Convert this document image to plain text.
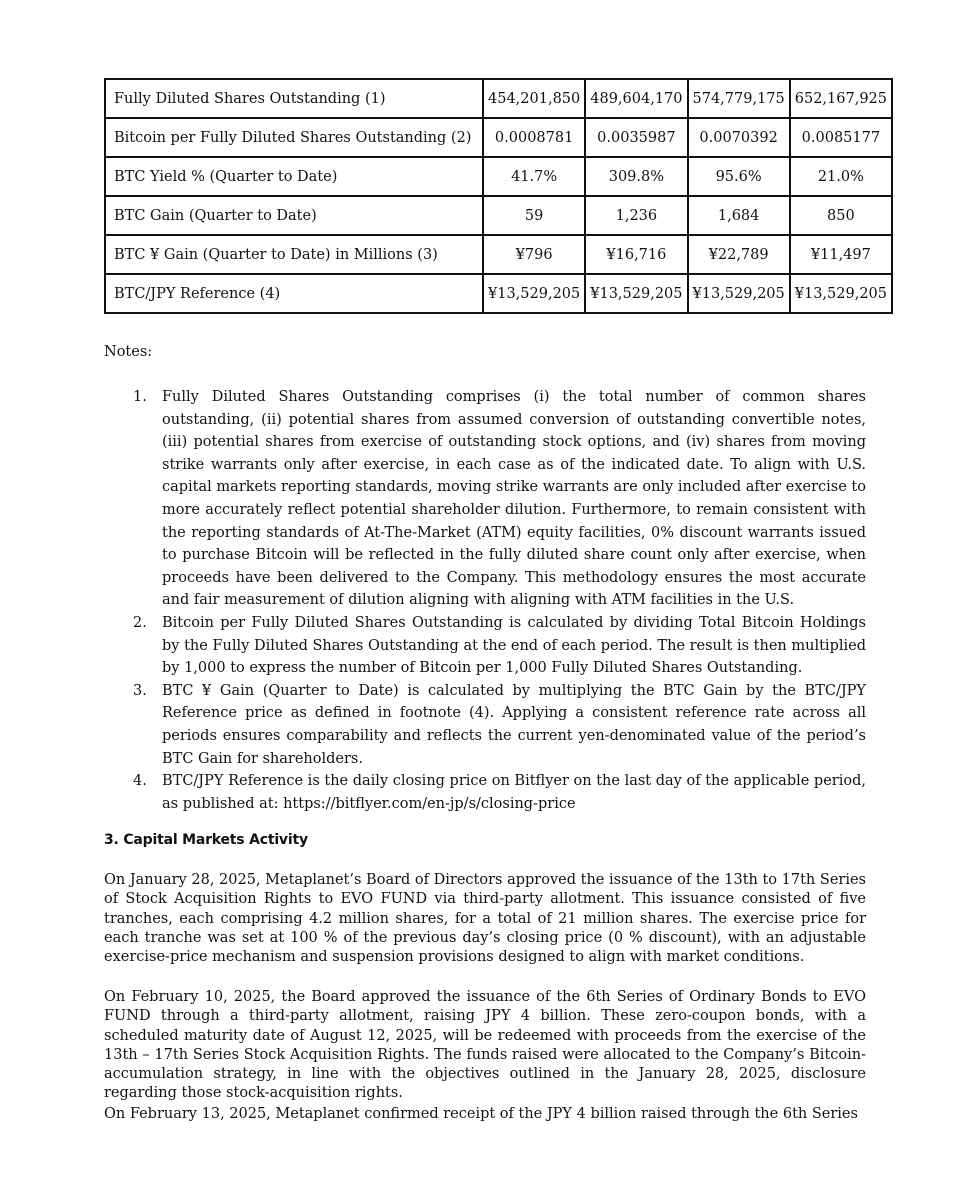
Fully Diluted Shares Outstanding (1)	454,201,850	489,604,170	574,779,175	652,167,925
Bitcoin per Fully Diluted Shares Outstanding (2)	0.0008781	0.0035987	0.0070392	0.0085177
BTC Yield % (Quarter to Date)	41.7%	309.8%	95.6%	21.0%
BTC Gain (Quarter to Date)	59	1,236	1,684	850
BTC ¥ Gain (Quarter to Date) in Millions (3)	¥796	¥16,716	¥22,789	¥11,497
BTC/JPY Reference (4)	¥13,529,205	¥13,529,205	¥13,529,205	¥13,529,205
Notes:
1. Fully Diluted Shares Outstanding comprises (i) the total number of common shares outstanding, (ii) potential shares from assumed conversion of outstanding convertible notes, (iii) potential shares from exercise of outstanding stock options, and (iv) shares from moving strike warrants only after exercise, in each case as of the indicated date. To align with U.S. capital markets reporting standards, moving strike warrants are only included after exercise to more accurately reflect potential shareholder dilution. Furthermore, to remain consistent with the reporting standards of At-The-Market (ATM) equity facilities, 0% discount warrants issued to purchase Bitcoin will be reflected in the fully diluted share count only after exercise, when proceeds have been delivered to the Company. This methodology ensures the most accurate and fair measurement of dilution aligning with aligning with ATM facilities in the U.S.
2. Bitcoin per Fully Diluted Shares Outstanding is calculated by dividing Total Bitcoin Holdings by the Fully Diluted Shares Outstanding at the end of each period. The result is then multiplied by 1,000 to express the number of Bitcoin per 1,000 Fully Diluted Shares Outstanding.
3. BTC ¥ Gain (Quarter to Date) is calculated by multiplying the BTC Gain by the BTC/JPY Reference price as defined in footnote (4). Applying a consistent reference rate across all periods ensures comparability and reflects the current yen-denominated value of the period’s BTC Gain for shareholders.
4. BTC/JPY Reference is the daily closing price on Bitflyer on the last day of the applicable period, as published at: https://bitflyer.com/en-jp/s/closing-price
3. Capital Markets Activity

On January 28, 2025, Metaplanet’s Board of Directors approved the issuance of the 13th to 17th Series of Stock Acquisition Rights to EVO FUND via third-party allotment. This issuance consisted of five tranches, each comprising 4.2 million shares, for a total of 21 million shares. The exercise price for each tranche was set at 100 % of the previous day’s closing price (0 % discount), with an adjustable exercise-price mechanism and suspension provisions designed to align with market conditions.

On February 10, 2025, the Board approved the issuance of the 6th Series of Ordinary Bonds to EVO FUND through a third-party allotment, raising JPY 4 billion. These zero-coupon bonds, with a scheduled maturity date of August 12, 2025, will be redeemed with proceeds from the exercise of the 13th – 17th Series Stock Acquisition Rights. The funds raised were allocated to the Company’s Bitcoin-accumulation strategy, in line with the objectives outlined in the January 28, 2025, disclosure regarding those stock-acquisition rights.

On February 13, 2025, Metaplanet confirmed receipt of the JPY 4 billion raised through the 6th Series
